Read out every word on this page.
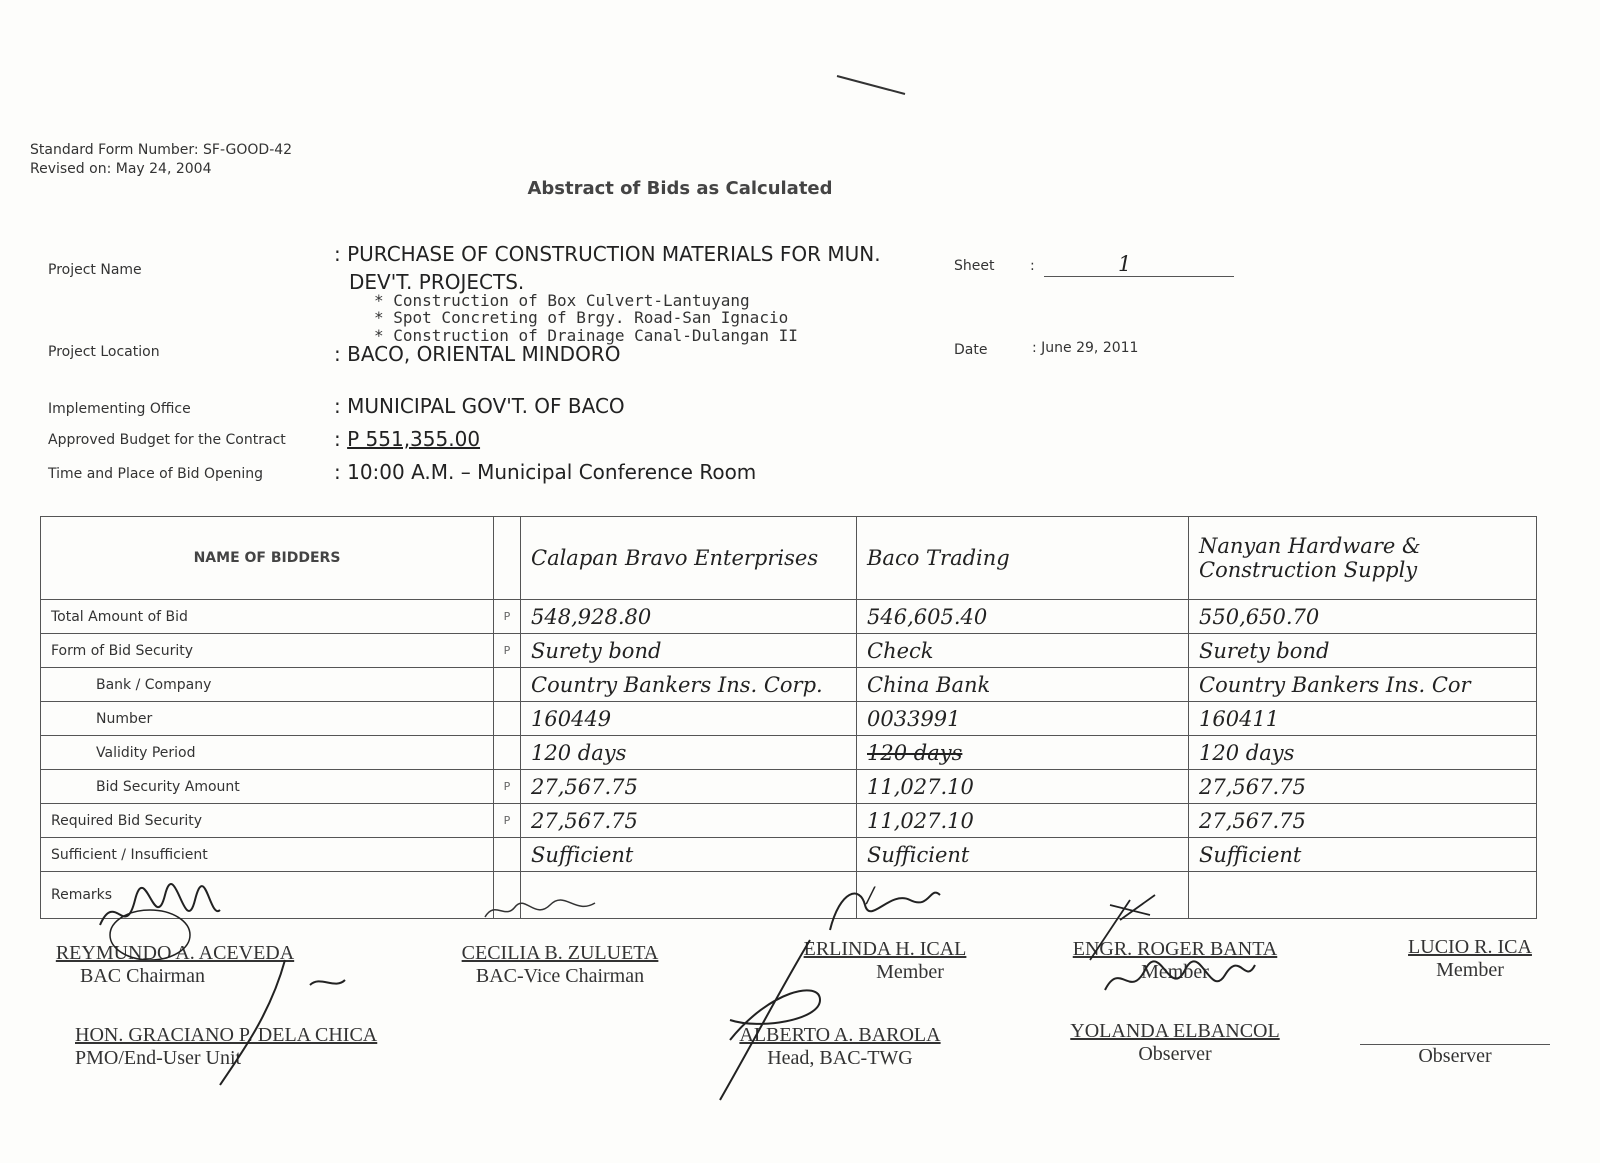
Standard Form Number: SF-GOOD-42
Revised on: May 24, 2004
Abstract of Bids as Calculated
Project Name
: PURCHASE OF CONSTRUCTION MATERIALS FOR MUN.
DEV'T. PROJECTS.
* Construction of Box Culvert-Lantuyang
* Spot Concreting of Brgy. Road-San Ignacio
* Construction of Drainage Canal-Dulangan II
Project Location	: BACO, ORIENTAL MINDORO
Implementing Office	: MUNICIPAL GOV'T. OF BACO
Approved Budget for the Contract : P 551,355.00
Time and Place of Bid Opening	: 10:00 A.M. – Municipal Conference Room
Sheet	:	1
Date	: June 29, 2011
NAME OF BIDDERS		Calapan Bravo Enterprises	Baco Trading	Nanyan Hardware & Construction Supply
Total Amount of Bid	P	548,928.80	546,605.40	550,650.70
Form of Bid Security	P	Surety bond	Check	Surety bond
Bank / Company		Country Bankers Ins. Corp.	China Bank	Country Bankers Ins. Cor
Number		160449	0033991	160411
Validity Period		120 days	120 days	120 days
Bid Security Amount	P	27,567.75	11,027.10	27,567.75
Required Bid Security	P	27,567.75	11,027.10	27,567.75
Sufficient / Insufficient		Sufficient	Sufficient	Sufficient
Remarks			/	
REYMUNDO A. ACEVEDA
BAC Chairman
CECILIA B. ZULUETA
BAC-Vice Chairman
ERLINDA H. ICAL
Member
ENGR. ROGER BANTA
Member
LUCIO R. ICA
Member
HON. GRACIANO P. DELA CHICA
PMO/End-User Unit
ALBERTO A. BAROLA
Head, BAC-TWG
YOLANDA ELBANCOL
Observer	Observer
